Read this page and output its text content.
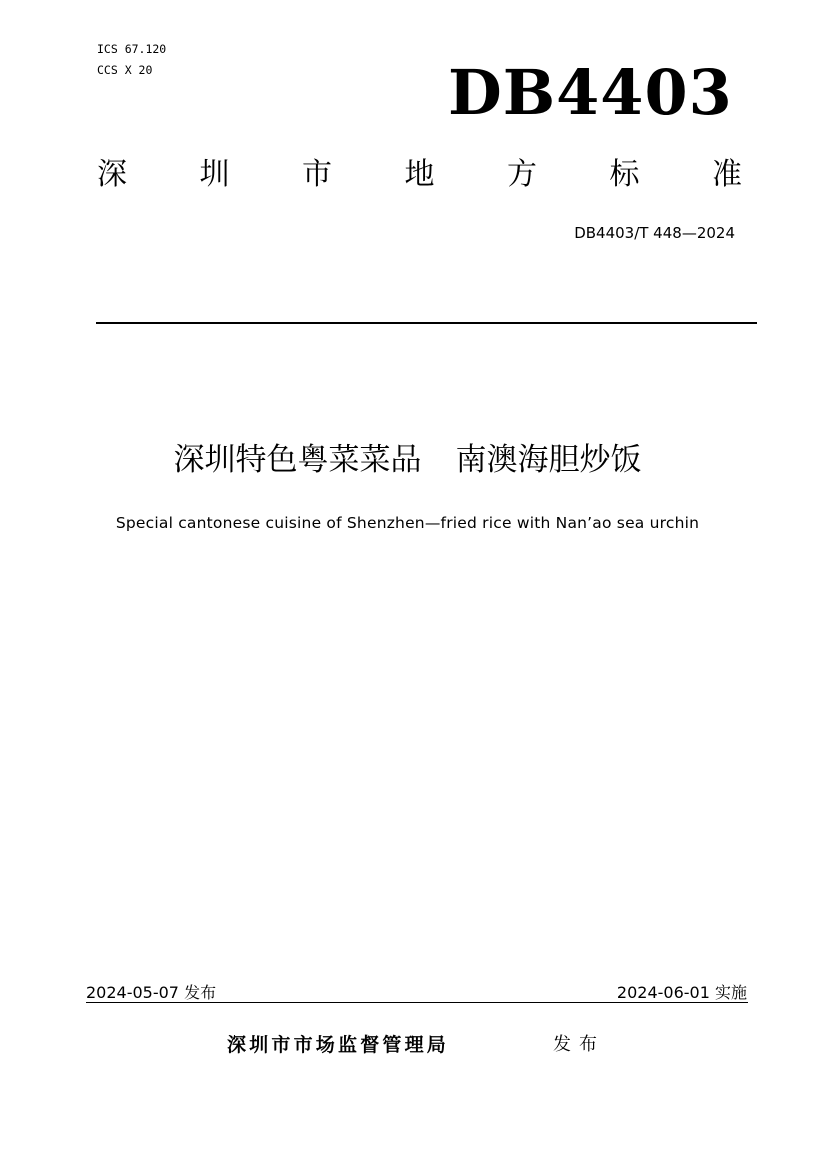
ICS 67.120
CCS X 20	DB4403
深 圳 市 地 方 标 准
DB4403/T 448—2024
深圳特色粤菜菜品 南澳海胆炒饭
Special cantonese cuisine of Shenzhen—fried rice with Nan’ao sea urchin
2024-05-07 发布	2024-06-01 实施
深圳市市场监督管理局	发布
